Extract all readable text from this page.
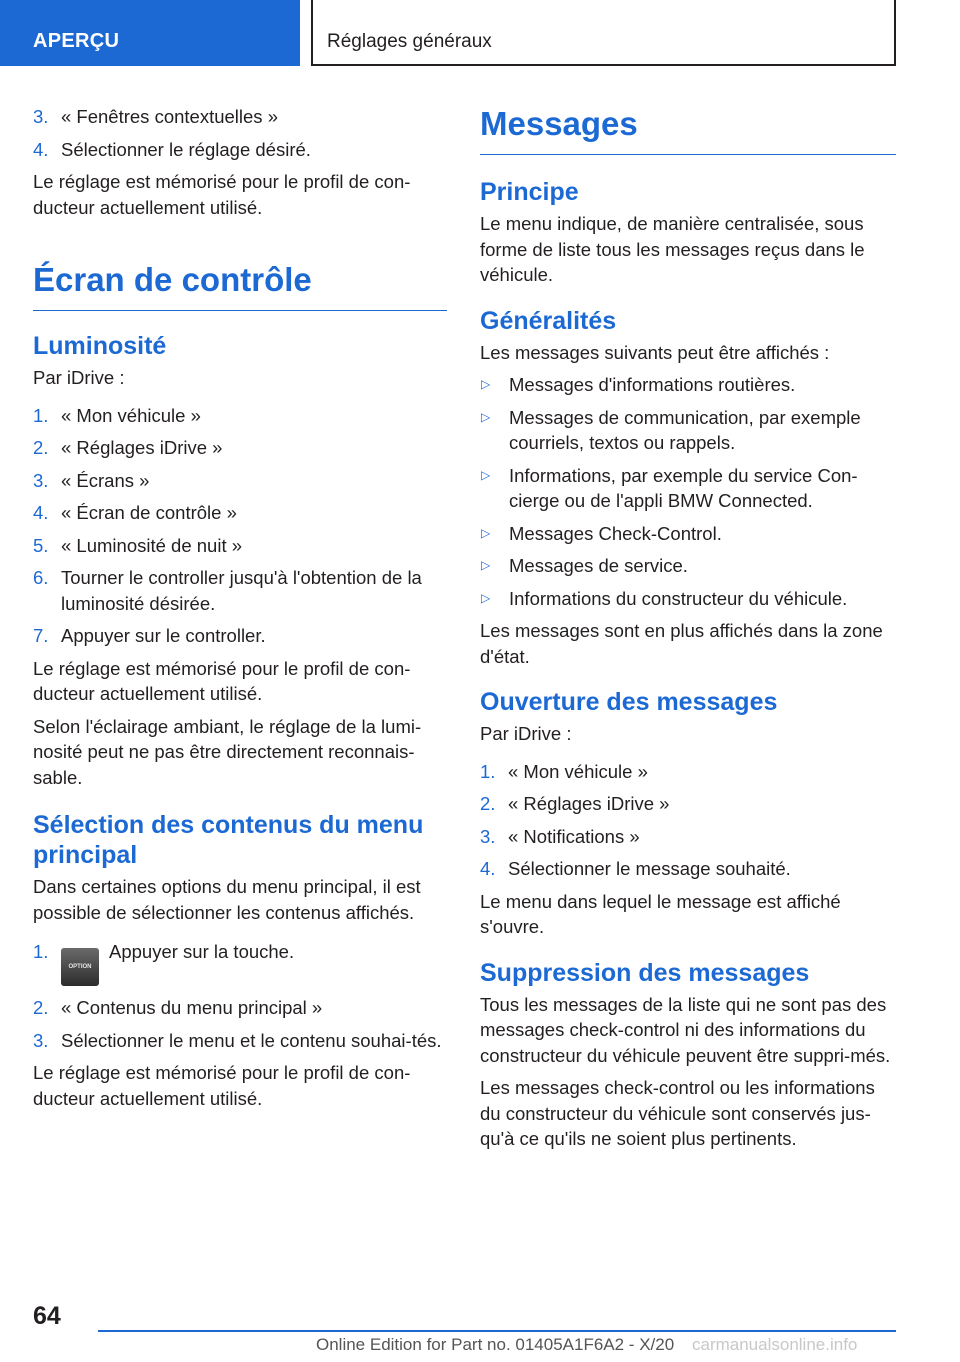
APERÇU	Réglages généraux
3. « Fenêtres contextuelles »
4. Sélectionner le réglage désiré.

Le réglage est mémorisé pour le profil de con‐ducteur actuellement utilisé.

Écran de contrôle
Luminosité

Par iDrive :

1. « Mon véhicule »
2. « Réglages iDrive »
3. « Écrans »
4. « Écran de contrôle »
5. « Luminosité de nuit »
6. Tourner le controller jusqu'à l'obtention de la luminosité désirée.
7. Appuyer sur le controller.

Le réglage est mémorisé pour le profil de con‐ducteur actuellement utilisé.

Selon l'éclairage ambiant, le réglage de la lumi‐nosité peut ne pas être directement reconnais‐sable.

Sélection des contenus du menu principal

Dans certaines options du menu principal, il est possible de sélectionner les contenus affichés.

1.
OPTIONAppuyer sur la touche.
2. « Contenus du menu principal »
3. Sélectionner le menu et le contenu souhai‐tés.

Le réglage est mémorisé pour le profil de con‐ducteur actuellement utilisé.

Messages
Principe

Le menu indique, de manière centralisée, sous forme de liste tous les messages reçus dans le véhicule.

Généralités

Les messages suivants peut être affichés :

▷ Messages d'informations routières.
▷ Messages de communication, par exemple courriels, textos ou rappels.
▷ Informations, par exemple du service Con‐cierge ou de l'appli BMW Connected.
▷ Messages Check-Control.
▷ Messages de service.
▷ Informations du constructeur du véhicule.

Les messages sont en plus affichés dans la zone d'état.

Ouverture des messages

Par iDrive :

1. « Mon véhicule »
2. « Réglages iDrive »
3. « Notifications »
4. Sélectionner le message souhaité.

Le menu dans lequel le message est affiché s'ouvre.

Suppression des messages

Tous les messages de la liste qui ne sont pas des messages check-control ni des informations du constructeur du véhicule peuvent être suppri‐més.

Les messages check-control ou les informations du constructeur du véhicule sont conservés jus‐qu'à ce qu'ils ne soient plus pertinents.

64
Online Edition for Part no. 01405A1F6A2 - X/20 carmanualsonline.info
